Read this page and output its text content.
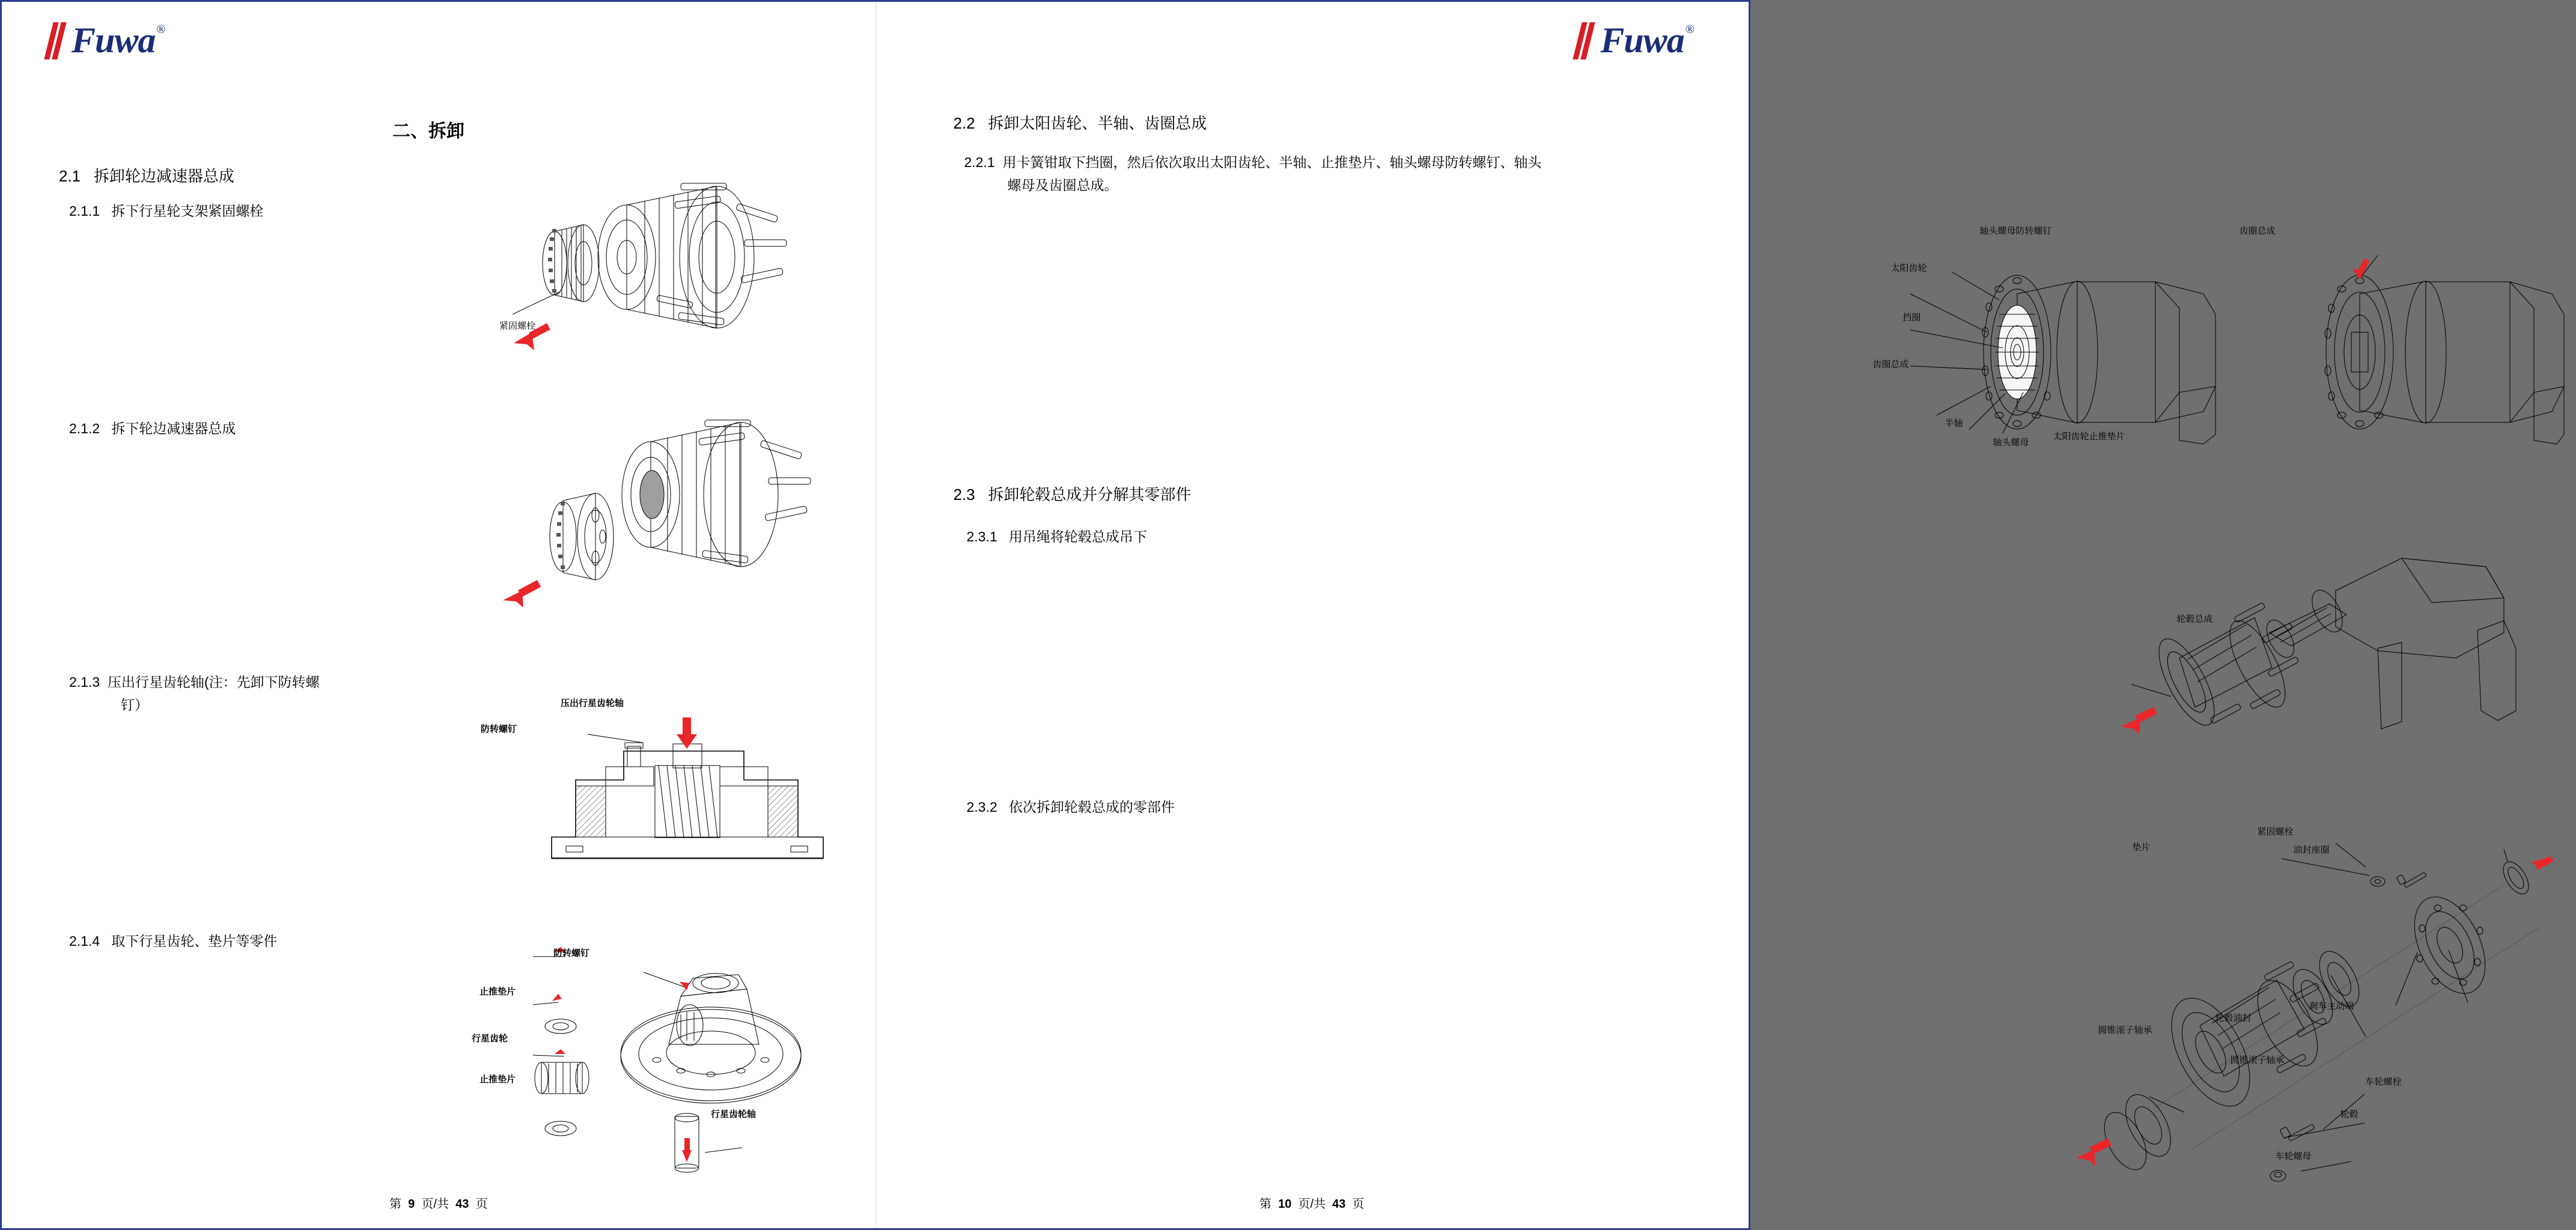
Fuwa ®
二、拆卸
2.1 拆卸轮边减速器总成
2.1.1 拆下行星轮支架紧固螺栓
紧固螺栓
2.1.2 拆下轮边减速器总成
2.1.3 压出行星齿轮轴(注：先卸下防转螺
钉）	压出行星齿轮轴
防转螺钉
2.1.4 取下行星齿轮、垫片等零件
防转螺钉
止推垫片
行星齿轮
止推垫片
行星齿轮轴
第 9 页/共 43 页
Fuwa ®
2.2 拆卸太阳齿轮、半轴、齿圈总成
2.2.1 用卡簧钳取下挡圈，然后依次取出太阳齿轮、半轴、止推垫片、轴头螺母防转螺钉、轴头
螺母及齿圈总成。
轴头螺母防转螺钉	齿圈总成
太阳齿轮
挡圈
齿圈总成
半轴
轴头螺母
太阳齿轮止推垫片
2.3 拆卸轮毂总成并分解其零部件
2.3.1 用吊绳将轮毂总成吊下
轮毂总成
2.3.2 依次拆卸轮毂总成的零部件
紧固螺栓
垫片	油封座圈
轮毂油封
刹车主动端
圆锥滚子轴承
圆锥滚子轴承
车轮螺栓
轮毂
车轮螺母
第 10 页/共 43 页
